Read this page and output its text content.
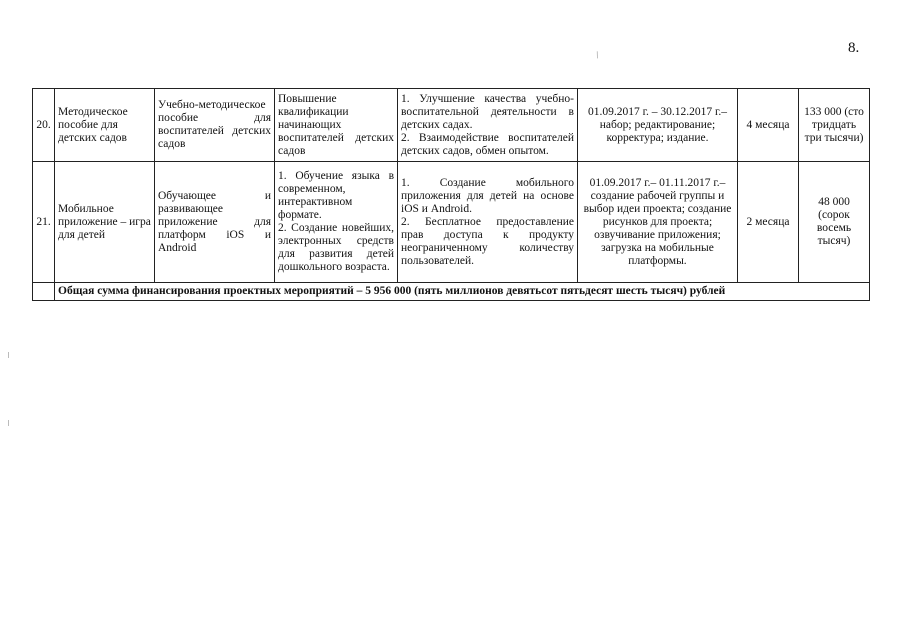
8.
/
20.	Методическое пособие для детских садов	Учебно-методическое пособие для воспитателей детских садов	Повышение квалификации начинающих воспитателей детских садов	1. Улучшение качества учебно-воспитательной деятельности в детских садах.
2. Взаимодействие воспитателей детских садов, обмен опытом.	01.09.2017 г. – 30.12.2017 г.– набор; редактирование; корректура; издание.	4 месяца	133 000 (сто тридцать три тысячи)
21.	Мобильное приложение – игра для детей	Обучающее и развивающее приложение для платформ iOS и Android	1. Обучение языка в современном, интерактивном формате.
2. Создание новейших, электронных средств для развития детей дошкольного возраста.	1. Создание мобильного приложения для детей на основе iOS и Android.
2. Бесплатное предоставление прав доступа к продукту неограниченному количеству пользователей.	01.09.2017 г.– 01.11.2017 г.– создание рабочей группы и выбор идеи проекта; создание рисунков для проекта; озвучивание приложения; загрузка на мобильные платформы.	2 месяца	48 000 (сорок восемь тысяч)
	Общая сумма финансирования проектных мероприятий – 5 956 000 (пять миллионов девятьсот пятьдесят шесть тысяч) рублей						
